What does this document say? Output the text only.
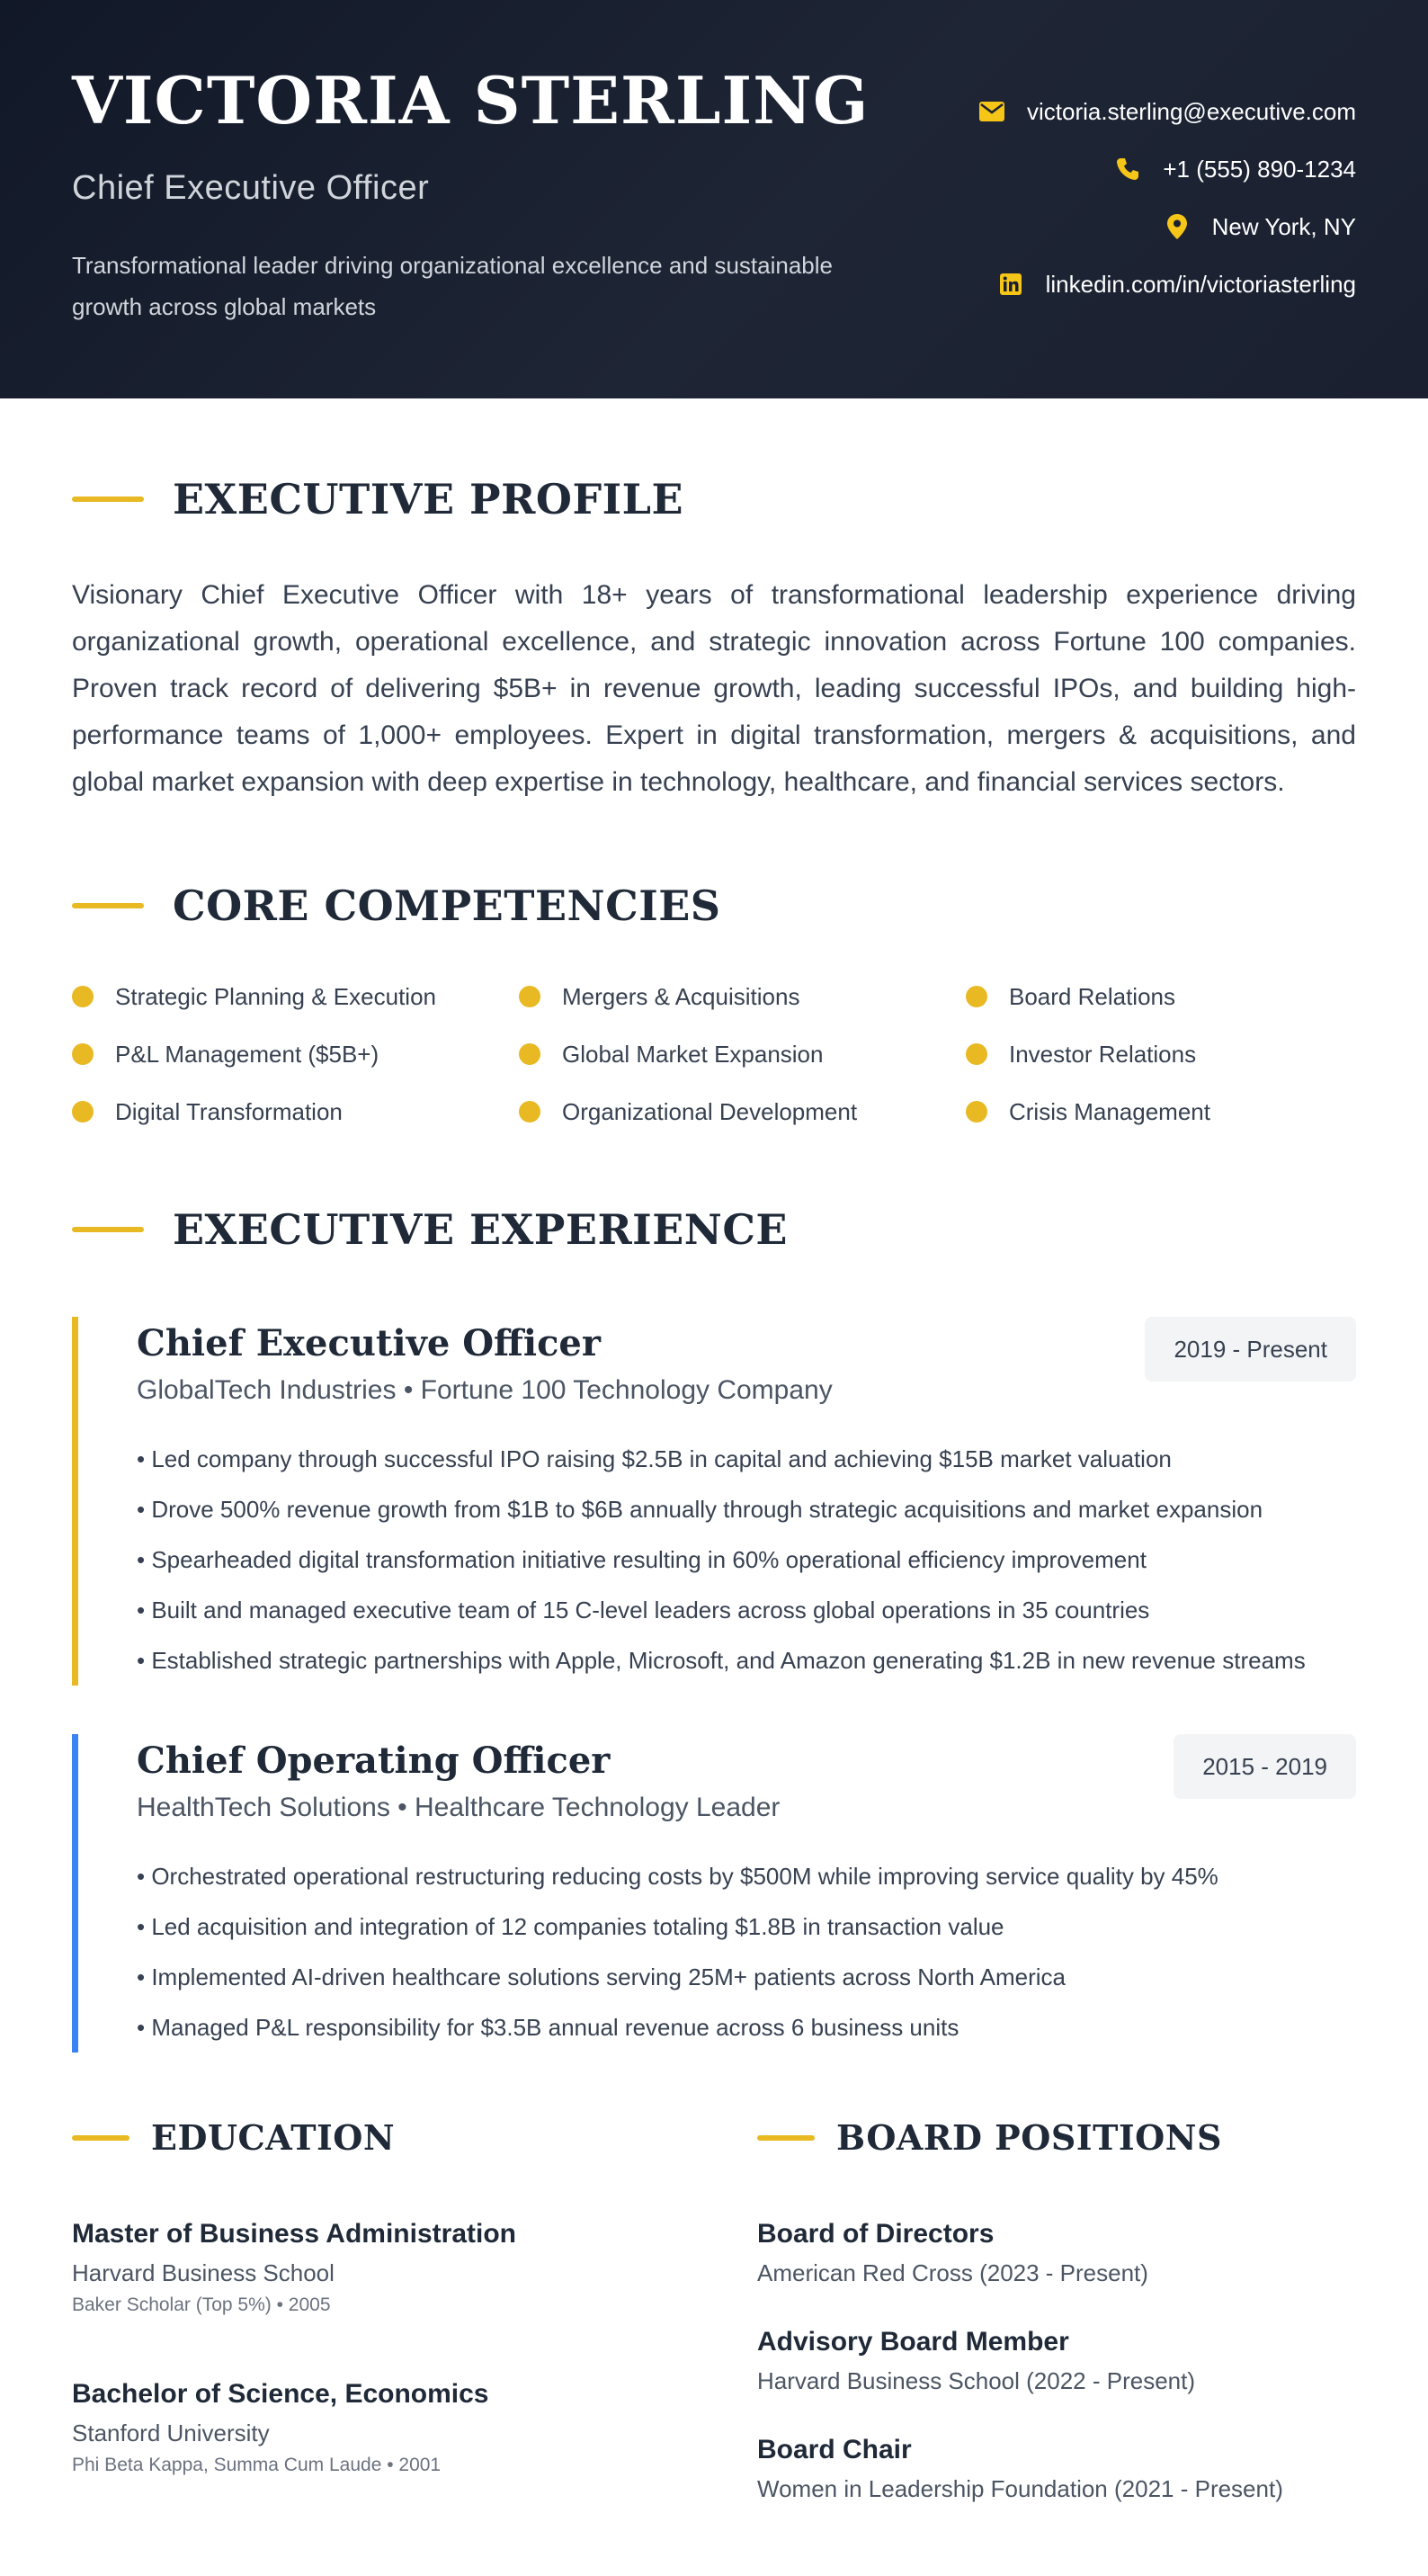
VICTORIA STERLING
Chief Executive Officer
Transformational leader driving organizational excellence and sustainable growth across global markets
victoria.sterling@executive.com
+1 (555) 890-1234
New York, NY
linkedin.com/in/victoriasterling
EXECUTIVE PROFILE
Visionary Chief Executive Officer with 18+ years of transformational leadership experience driving organizational growth, operational excellence, and strategic innovation across Fortune 100 companies. Proven track record of delivering $5B+ in revenue growth, leading successful IPOs, and building high-performance teams of 1,000+ employees. Expert in digital transformation, mergers & acquisitions, and global market expansion with deep expertise in technology, healthcare, and financial services sectors.
CORE COMPETENCIES
Strategic Planning & Execution	Mergers & Acquisitions	Board Relations
P&L Management ($5B+)	Global Market Expansion	Investor Relations
Digital Transformation	Organizational Development	Crisis Management
EXECUTIVE EXPERIENCE
2019 - Present
Chief Executive Officer
GlobalTech Industries • Fortune 100 Technology Company
• Led company through successful IPO raising $2.5B in capital and achieving $15B market valuation
• Drove 500% revenue growth from $1B to $6B annually through strategic acquisitions and market expansion
• Spearheaded digital transformation initiative resulting in 60% operational efficiency improvement
• Built and managed executive team of 15 C-level leaders across global operations in 35 countries
• Established strategic partnerships with Apple, Microsoft, and Amazon generating $1.2B in new revenue streams
2015 - 2019
Chief Operating Officer
HealthTech Solutions • Healthcare Technology Leader
• Orchestrated operational restructuring reducing costs by $500M while improving service quality by 45%
• Led acquisition and integration of 12 companies totaling $1.8B in transaction value
• Implemented AI-driven healthcare solutions serving 25M+ patients across North America
• Managed P&L responsibility for $3.5B annual revenue across 6 business units
EDUCATION
Master of Business Administration
Harvard Business School
Baker Scholar (Top 5%) • 2005
Bachelor of Science, Economics
Stanford University
Phi Beta Kappa, Summa Cum Laude • 2001
BOARD POSITIONS
Board of Directors
American Red Cross (2023 - Present)
Advisory Board Member
Harvard Business School (2022 - Present)
Board Chair
Women in Leadership Foundation (2021 - Present)
